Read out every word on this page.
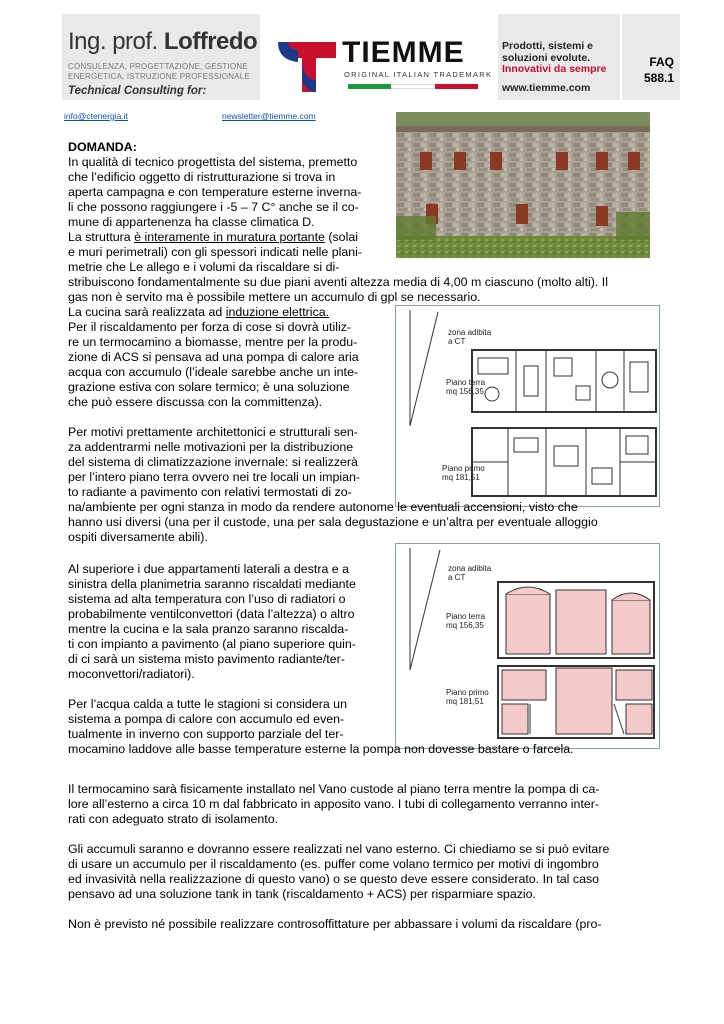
Ing. prof. Loffredo
CONSULENZA, PROGETTAZIONE, GESTIONE
ENERGETICA, ISTRUZIONE PROFESSIONALE
Technical Consulting for:
TIEMME
ORIGINAL ITALIAN TRADEMARK
Prodotti, sistemi e
soluzioni evolute.
Innovativi da sempre
www.tiemme.com
FAQ
588.1
info@ctenergia.it	newsletter@tiemme.com
zona adibita
a CT
Piano terra
mq 156,35
Piano primo
mq 181,51
zona adibita
a CT
Piano terra
mq 156,35
Piano primo
mq 181,51
DOMANDA:
In qualità di tecnico progettista del sistema, premetto
che l’edificio oggetto di ristrutturazione si trova in
aperta campagna e con temperature esterne inverna-
li che possono raggiungere i -5 – 7 C° anche se il co-
mune di appartenenza ha classe climatica D.
La struttura è interamente in muratura portante (solai
e muri perimetrali) con gli spessori indicati nelle plani-
metrie che Le allego e i volumi da riscaldare si di-
stribuiscono fondamentalmente su due piani aventi altezza media di 4,00 m ciascuno (molto alti). Il
gas non è servito ma è possibile mettere un accumulo di gpl se necessario.
La cucina sarà realizzata ad induzione elettrica.
Per il riscaldamento per forza di cose si dovrà utiliz-
re un termocamino a biomasse, mentre per la produ-
zione di ACS si pensava ad una pompa di calore aria
acqua con accumulo (l’ideale sarebbe anche un inte-
grazione estiva con solare termico; è una soluzione
che può essere discussa con la committenza).
Per motivi prettamente architettonici e strutturali sen-
za addentrarmi nelle motivazioni per la distribuzione
del sistema di climatizzazione invernale: si realizzerà
per l’intero piano terra ovvero nei tre locali un impian-
to radiante a pavimento con relativi termostati di zo-
na/ambiente per ogni stanza in modo da rendere autonome le eventuali accensioni, visto che
hanno usi diversi (una per il custode, una per sala degustazione e un’altra per eventuale alloggio
ospiti diversamente abili).
Al superiore i due appartamenti laterali a destra e a
sinistra della planimetria saranno riscaldati mediante
sistema ad alta temperatura con l’uso di radiatori o
probabilmente ventilconvettori (data l’altezza) o altro
mentre la cucina e la sala pranzo saranno riscalda-
ti con impianto a pavimento (al piano superiore quin-
di ci sarà un sistema misto pavimento radiante/ter-
moconvettori/radiatori).
Per l’acqua calda a tutte le stagioni si considera un
sistema a pompa di calore con accumulo ed even-
tualmente in inverno con supporto parziale del ter-
mocamino laddove alle basse temperature esterne la pompa non dovesse bastare o farcela.
Il termocamino sarà fisicamente installato nel Vano custode al piano terra mentre la pompa di ca-
lore all’esterno a circa 10 m dal fabbricato in apposito vano. I tubi di collegamento verranno inter-
rati con adeguato strato di isolamento.
Gli accumuli saranno e dovranno essere realizzati nel vano esterno. Ci chiediamo se si può evitare
di usare un accumulo per il riscaldamento (es. puffer come volano termico per motivi di ingombro
ed invasività nella realizzazione di questo vano) o se questo deve essere considerato. In tal caso
pensavo ad una soluzione tank in tank (riscaldamento + ACS) per risparmiare spazio.
Non è previsto né possibile realizzare controsoffittature per abbassare i volumi da riscaldare (pro-
